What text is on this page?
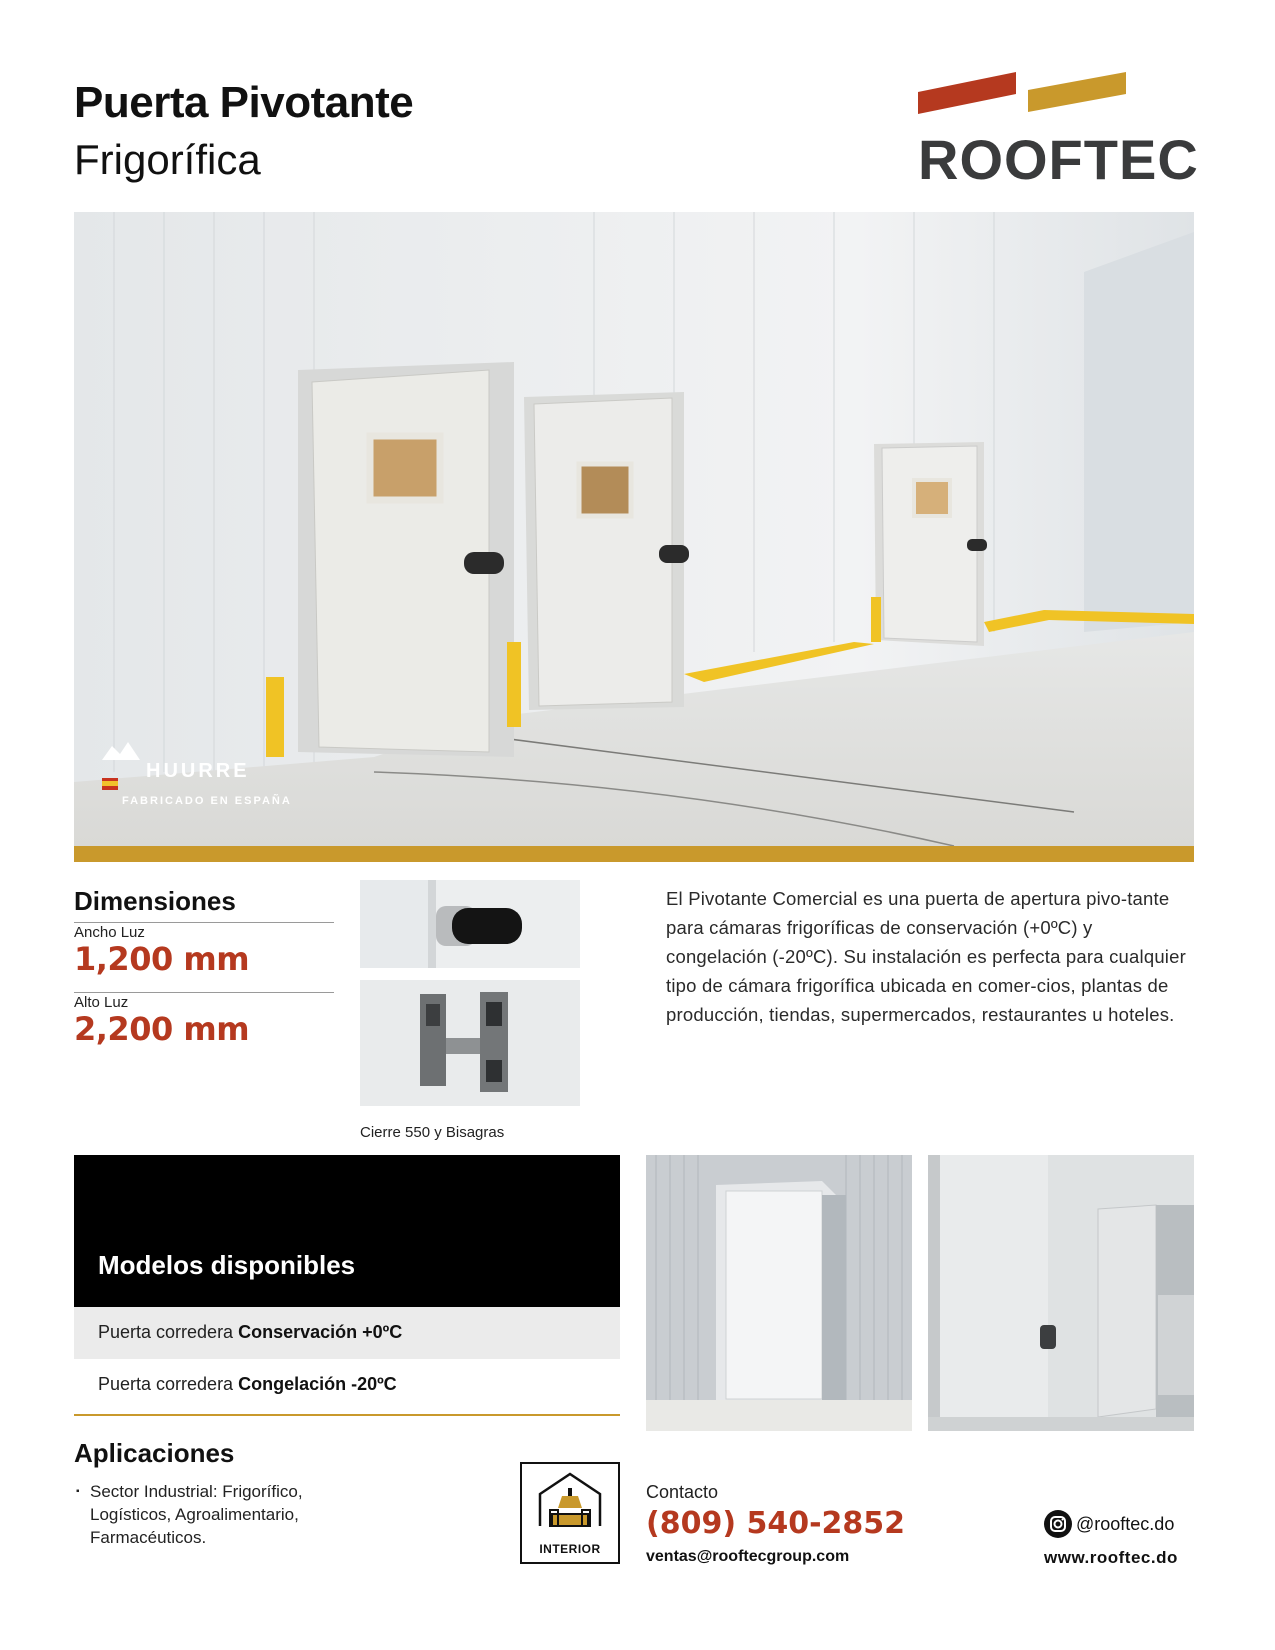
Puerta Pivotante
Frigorífica	ROOFTEC
HUURRE
FABRICADO EN ESPAÑA
Dimensiones
Ancho Luz
1,200 mm
Alto Luz
2,200 mm
Cierre 550 y Bisagras
El Pivotante Comercial es una puerta de apertura pivo-tante para cámaras frigoríficas de conservación (+0ºC) y congelación (-20ºC). Su instalación es perfecta para cualquier tipo de cámara frigorífica ubicada en comer-cios, plantas de producción, tiendas, supermercados, restaurantes u hoteles.
Modelos disponibles
Puerta corredera Conservación +0ºC
Puerta corredera Congelación -20ºC
Aplicaciones
▪ Sector Industrial: Frigorífico, Logísticos, Agroalimentario, Farmacéuticos.
INTERIOR
Contacto
(809) 540-2852
ventas@rooftecgroup.com
@rooftec.do
www.rooftec.do
